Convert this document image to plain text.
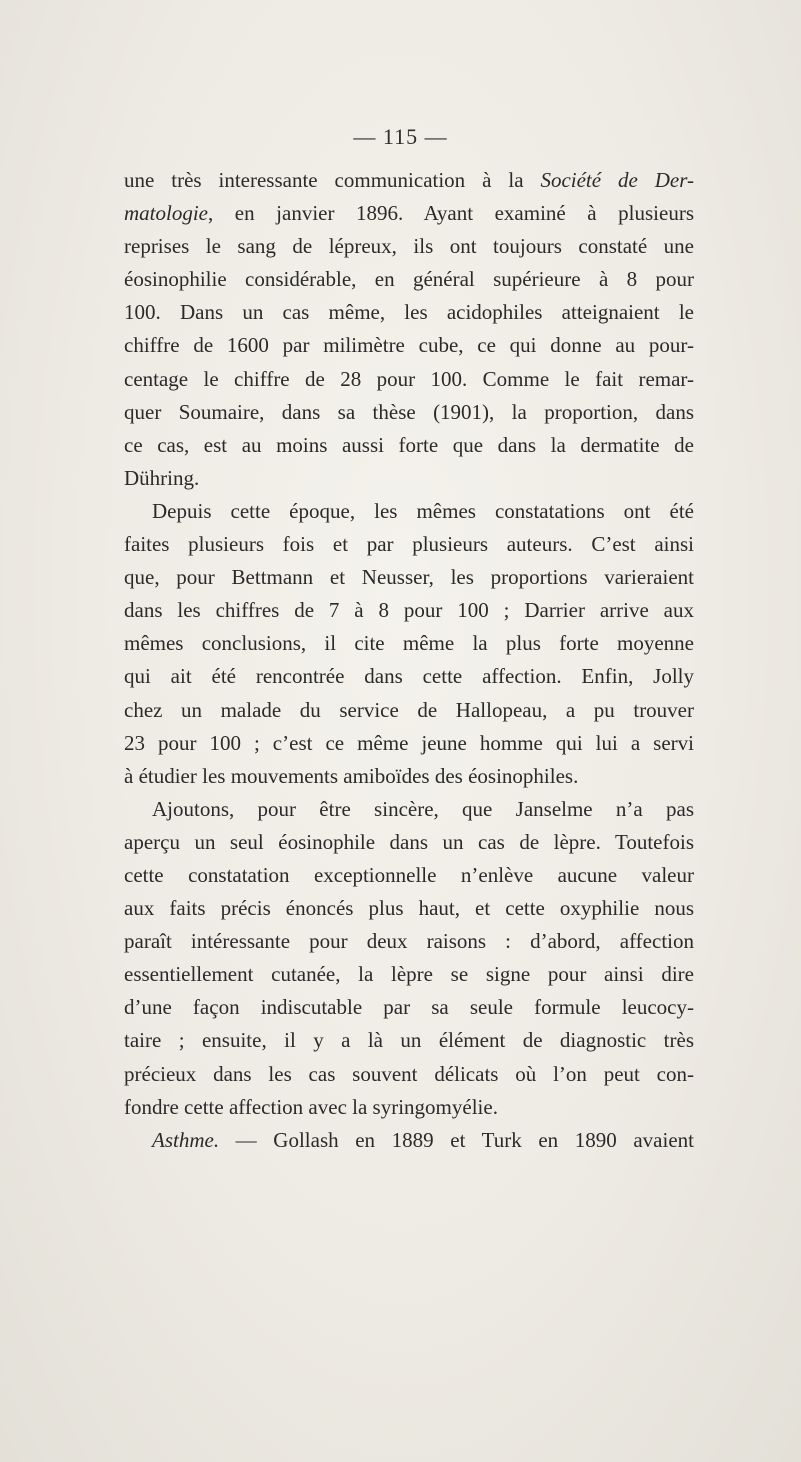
— 115 —
une très interessante communication à la Société de Der-
matologie, en janvier 1896. Ayant examiné à plusieurs
reprises le sang de lépreux, ils ont toujours constaté une
éosinophilie considérable, en général supérieure à 8 pour
100. Dans un cas même, les acidophiles atteignaient le
chiffre de 1600 par milimètre cube, ce qui donne au pour-
centage le chiffre de 28 pour 100. Comme le fait remar-
quer Soumaire, dans sa thèse (1901), la proportion, dans
ce cas, est au moins aussi forte que dans la dermatite de
Dühring.
Depuis cette époque, les mêmes constatations ont été
faites plusieurs fois et par plusieurs auteurs. C’est ainsi
que, pour Bettmann et Neusser, les proportions varieraient
dans les chiffres de 7 à 8 pour 100 ; Darrier arrive aux
mêmes conclusions, il cite même la plus forte moyenne
qui ait été rencontrée dans cette affection. Enfin, Jolly
chez un malade du service de Hallopeau, a pu trouver
23 pour 100 ; c’est ce même jeune homme qui lui a servi
à étudier les mouvements amiboïdes des éosinophiles.
Ajoutons, pour être sincère, que Janselme n’a pas
aperçu un seul éosinophile dans un cas de lèpre. Toutefois
cette constatation exceptionnelle n’enlève aucune valeur
aux faits précis énoncés plus haut, et cette oxyphilie nous
paraît intéressante pour deux raisons : d’abord, affection
essentiellement cutanée, la lèpre se signe pour ainsi dire
d’une façon indiscutable par sa seule formule leucocy-
taire ; ensuite, il y a là un élément de diagnostic très
précieux dans les cas souvent délicats où l’on peut con-
fondre cette affection avec la syringomyélie.
Asthme. — Gollash en 1889 et Turk en 1890 avaient
